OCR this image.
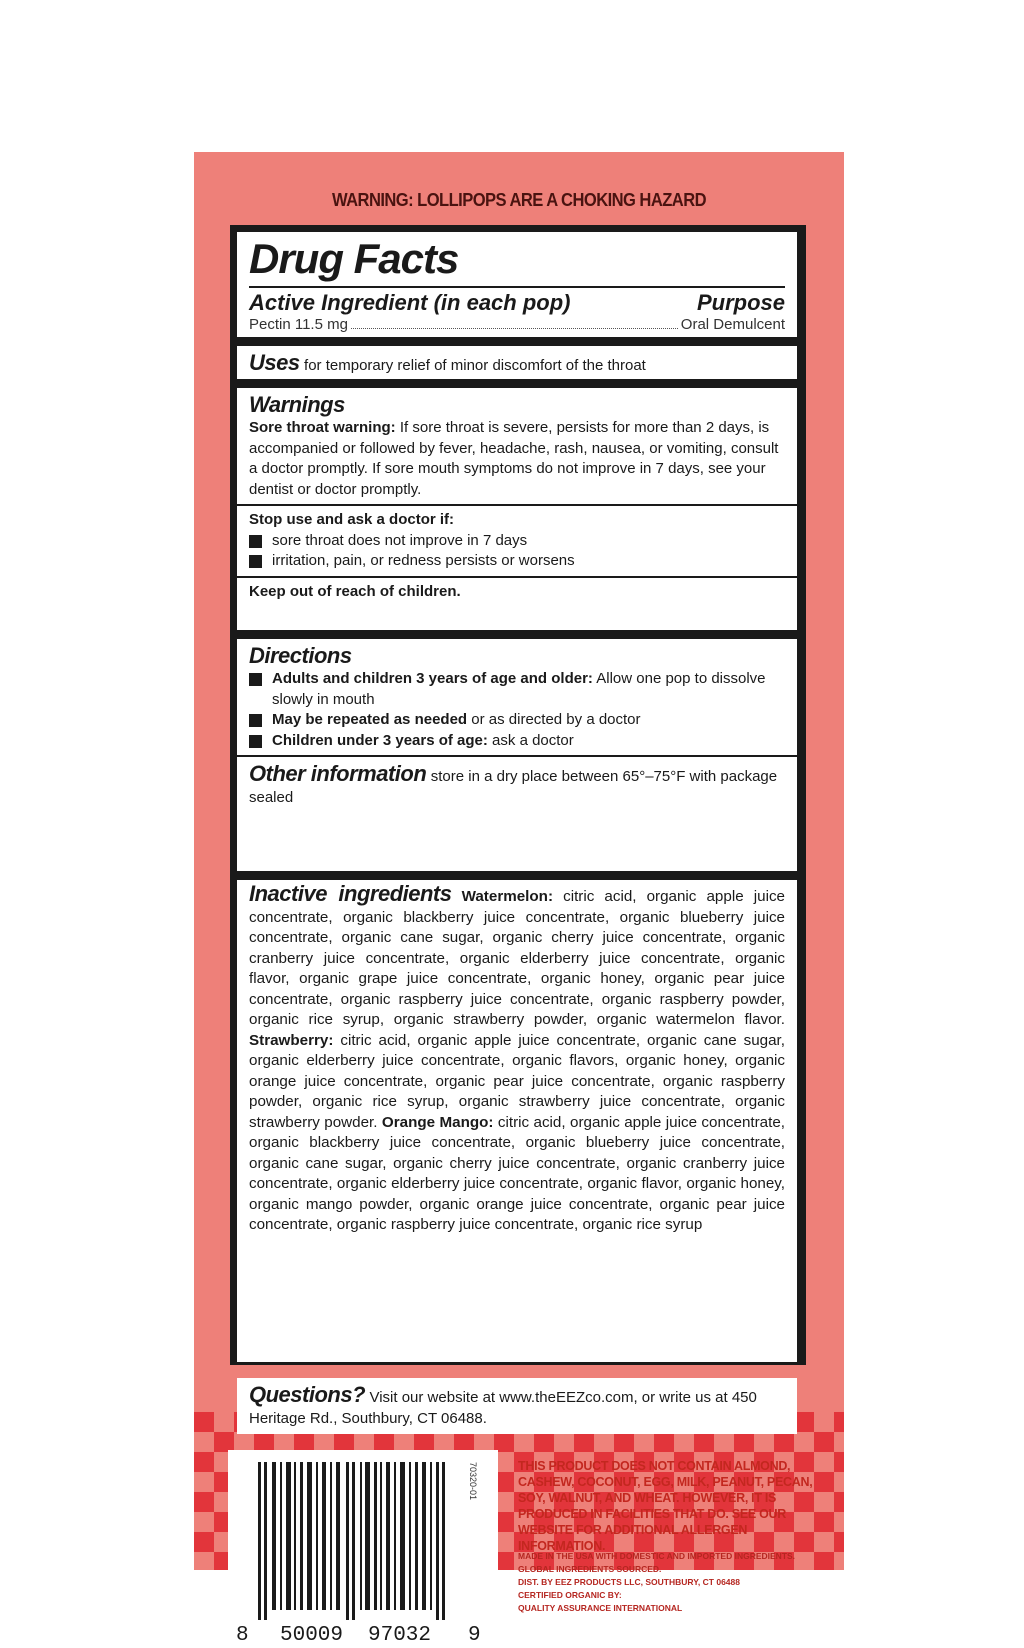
WARNING: LOLLIPOPS ARE A CHOKING HAZARD
Drug Facts
Active Ingredient (in each pop)	Purpose
Pectin 11.5 mg	Oral Demulcent
Uses for temporary relief of minor discomfort of the throat
Warnings
Sore throat warning: If sore throat is severe, persists for more than 2 days, is accompanied or followed by fever, headache, rash, nausea, or vomiting, consult a doctor promptly. If sore mouth symptoms do not improve in 7 days, see your dentist or doctor promptly.
Stop use and ask a doctor if:
sore throat does not improve in 7 days
irritation, pain, or redness persists or worsens
Keep out of reach of children.
Directions
Adults and children 3 years of age and older: Allow one pop to dissolve slowly in mouth
May be repeated as needed or as directed by a doctor
Children under 3 years of age: ask a doctor
Other information store in a dry place between 65°–75°F with package sealed
Inactive ingredients Watermelon: citric acid, organic apple juice concentrate, organic blackberry juice concentrate, organic blueberry juice concentrate, organic cane sugar, organic cherry juice concentrate, organic cranberry juice concentrate, organic elderberry juice concentrate, organic flavor, organic grape juice concentrate, organic honey, organic pear juice concentrate, organic raspberry juice concentrate, organic raspberry powder, organic rice syrup, organic strawberry powder, organic watermelon flavor. Strawberry: citric acid, organic apple juice concentrate, organic cane sugar, organic elderberry juice concentrate, organic flavors, organic honey, organic orange juice concentrate, organic pear juice concentrate, organic raspberry powder, organic rice syrup, organic strawberry juice concentrate, organic strawberry powder. Orange Mango: citric acid, organic apple juice concentrate, organic blackberry juice concentrate, organic blueberry juice concentrate, organic cane sugar, organic cherry juice concentrate, organic cranberry juice concentrate, organic elderberry juice concentrate, organic flavor, organic honey, organic mango powder, organic orange juice concentrate, organic pear juice concentrate, organic raspberry juice concentrate, organic rice syrup
Questions? Visit our website at www.theEEZco.com, or write us at 450 Heritage Rd., Southbury, CT 06488.
8 50009 97032 9
70320-01	THIS PRODUCT DOES NOT CONTAIN ALMOND, CASHEW, COCONUT, EGG, MILK, PEANUT, PECAN, SOY, WALNUT, AND WHEAT. HOWEVER, IT IS PRODUCED IN FACILITIES THAT DO. SEE OUR WEBSITE FOR ADDITIONAL ALLERGEN INFORMATION.
MADE IN THE USA WITH DOMESTIC AND IMPORTED INGREDIENTS.
GLOBAL INGREDIENTS SOURCED.
DIST. BY EEZ PRODUCTS LLC, SOUTHBURY, CT 06488
CERTIFIED ORGANIC BY:
QUALITY ASSURANCE INTERNATIONAL
